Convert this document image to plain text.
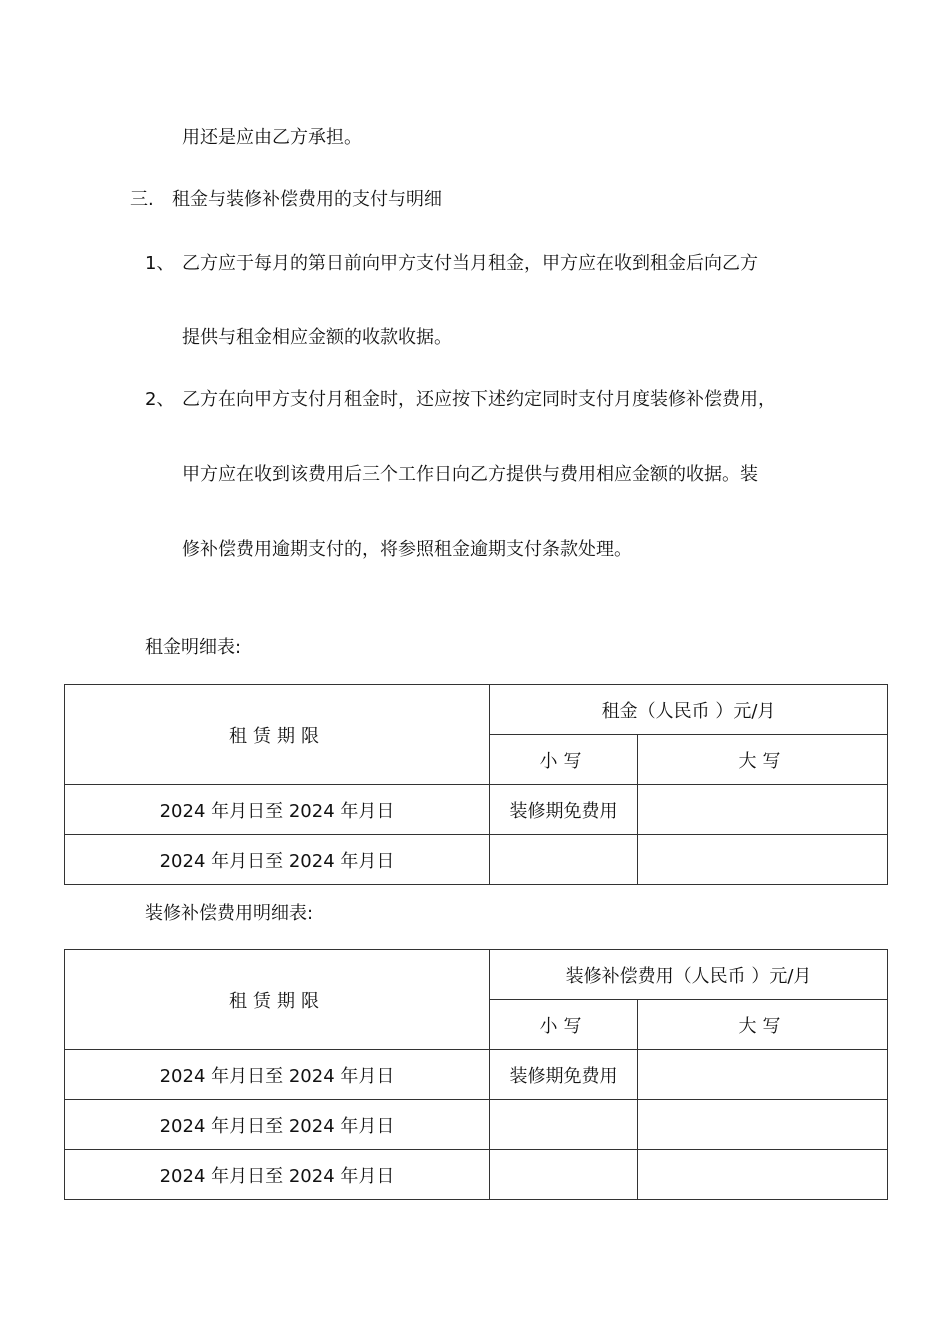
用还是应由乙方承担。
三. 租金与装修补偿费用的支付与明细
1、 乙方应于每月的第日前向甲方支付当月租金，甲方应在收到租金后向乙方
提供与租金相应金额的收款收据。
2、 乙方在向甲方支付月租金时，还应按下述约定同时支付月度装修补偿费用，
甲方应在收到该费用后三个工作日向乙方提供与费用相应金额的收据。装
修补偿费用逾期支付的，将参照租金逾期支付条款处理。
租金明细表:
租赁期限	租金（人民币 ）元/月	
	小写	大写
2024 年月日至 2024 年月日	装修期免费用	
2024 年月日至 2024 年月日		
装修补偿费用明细表:
租赁期限	装修补偿费用（人民币 ）元/月	
	小写	大写
2024 年月日至 2024 年月日	装修期免费用	
2024 年月日至 2024 年月日		
2024 年月日至 2024 年月日		
